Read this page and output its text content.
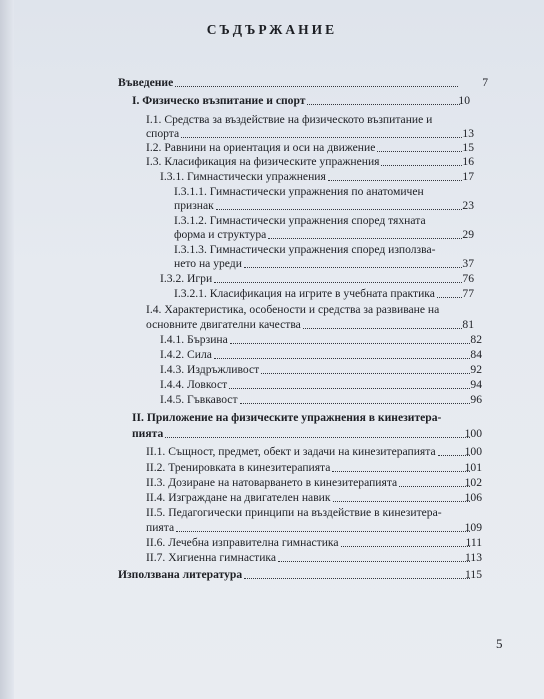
СЪДЪРЖАНИЕ
Въведение	7
I. Физическо възпитание и спорт	10
I.1. Средства за въздействие на физическото възпитание и
спорта	13
I.2. Равнини на ориентация и оси на движение	15
I.3. Класификация на физическите упражнения	16
I.3.1. Гимнастически упражнения	17
I.3.1.1. Гимнастически упражнения по анатомичен
признак	23
I.3.1.2. Гимнастически упражнения според тяхната
форма и структура	29
I.3.1.3. Гимнастически упражнения според използва-
нето на уреди	37
I.3.2. Игри	76
I.3.2.1. Класификация на игрите в учебната практика	77
I.4. Характеристика, особености и средства за развиване на
основните двигателни качества	81
I.4.1. Бързина	82
I.4.2. Сила	84
I.4.3. Издръжливост	92
I.4.4. Ловкост	94
I.4.5. Гъвкавост	96
II. Приложение на физическите упражнения в кинезитера-
пията	100
II.1. Същност, предмет, обект и задачи на кинезитерапията	100
II.2. Тренировката в кинезитерапията	101
II.3. Дозиране на натоварването в кинезитерапията	102
II.4. Изграждане на двигателен навик	106
II.5. Педагогически принципи на въздействие в кинезитера-
пията	109
II.6. Лечебна изправителна гимнастика	111
II.7. Хигиенна гимнастика	113
Използвана литература	115
5
